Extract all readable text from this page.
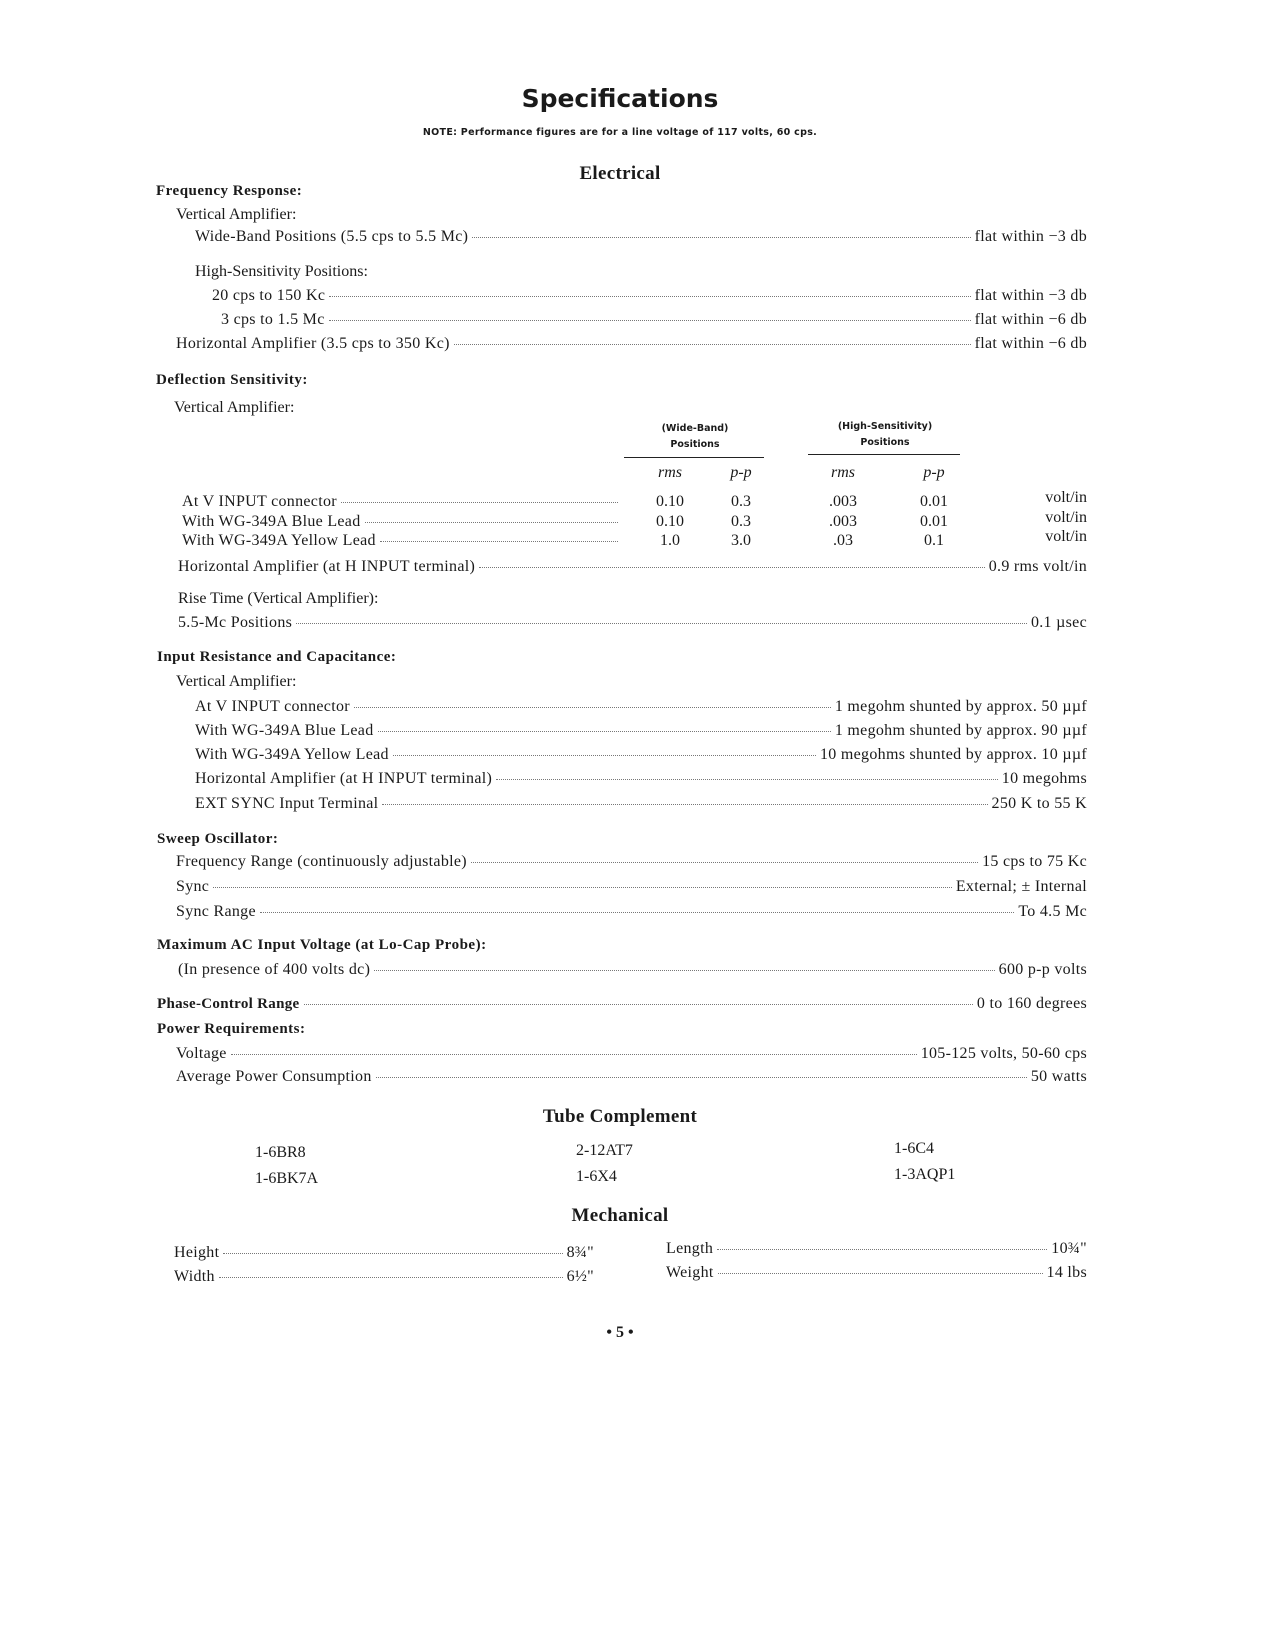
Specifications
NOTE: Performance figures are for a line voltage of 117 volts, 60 cps.
Electrical
Frequency Response:
Vertical Amplifier:
Wide-Band Positions (5.5 cps to 5.5 Mc)	flat within −3 db
High-Sensitivity Positions:
20 cps to 150 Kc	flat within −3 db
3 cps to 1.5 Mc	flat within −6 db
Horizontal Amplifier (3.5 cps to 350 Kc)	flat within −6 db
Deflection Sensitivity:
Vertical Amplifier:
(Wide-Band)
Positions
(High-Sensitivity)
Positions
rms	p-p	rms	p-p
At V INPUT connector	0.10	0.3	.003	0.01	volt/in
With WG-349A Blue Lead	0.10	0.3	.003	0.01	volt/in
With WG-349A Yellow Lead	1.0	3.0	.03	0.1	volt/in
Horizontal Amplifier (at H INPUT terminal)	0.9 rms volt/in
Rise Time (Vertical Amplifier):
5.5-Mc Positions	0.1 µsec
Input Resistance and Capacitance:
Vertical Amplifier:
At V INPUT connector	1 megohm shunted by approx. 50 µµf
With WG-349A Blue Lead	1 megohm shunted by approx. 90 µµf
With WG-349A Yellow Lead	10 megohms shunted by approx. 10 µµf
Horizontal Amplifier (at H INPUT terminal)	10 megohms
EXT SYNC Input Terminal	250 K to 55 K
Sweep Oscillator:
Frequency Range (continuously adjustable)	15 cps to 75 Kc
Sync	External; ± Internal
Sync Range	To 4.5 Mc
Maximum AC Input Voltage (at Lo-Cap Probe):
(In presence of 400 volts dc)	600 p-p volts
Phase-Control Range	0 to 160 degrees
Power Requirements:
Voltage	105-125 volts, 50-60 cps
Average Power Consumption	50 watts
Tube Complement
1-6BR8	2-12AT7	1-6C4
1-6BK7A	1-6X4	1-3AQP1
Mechanical
Height	8¾"
Width	6½"
Length	10¾"
Weight	14 lbs
• 5 •
